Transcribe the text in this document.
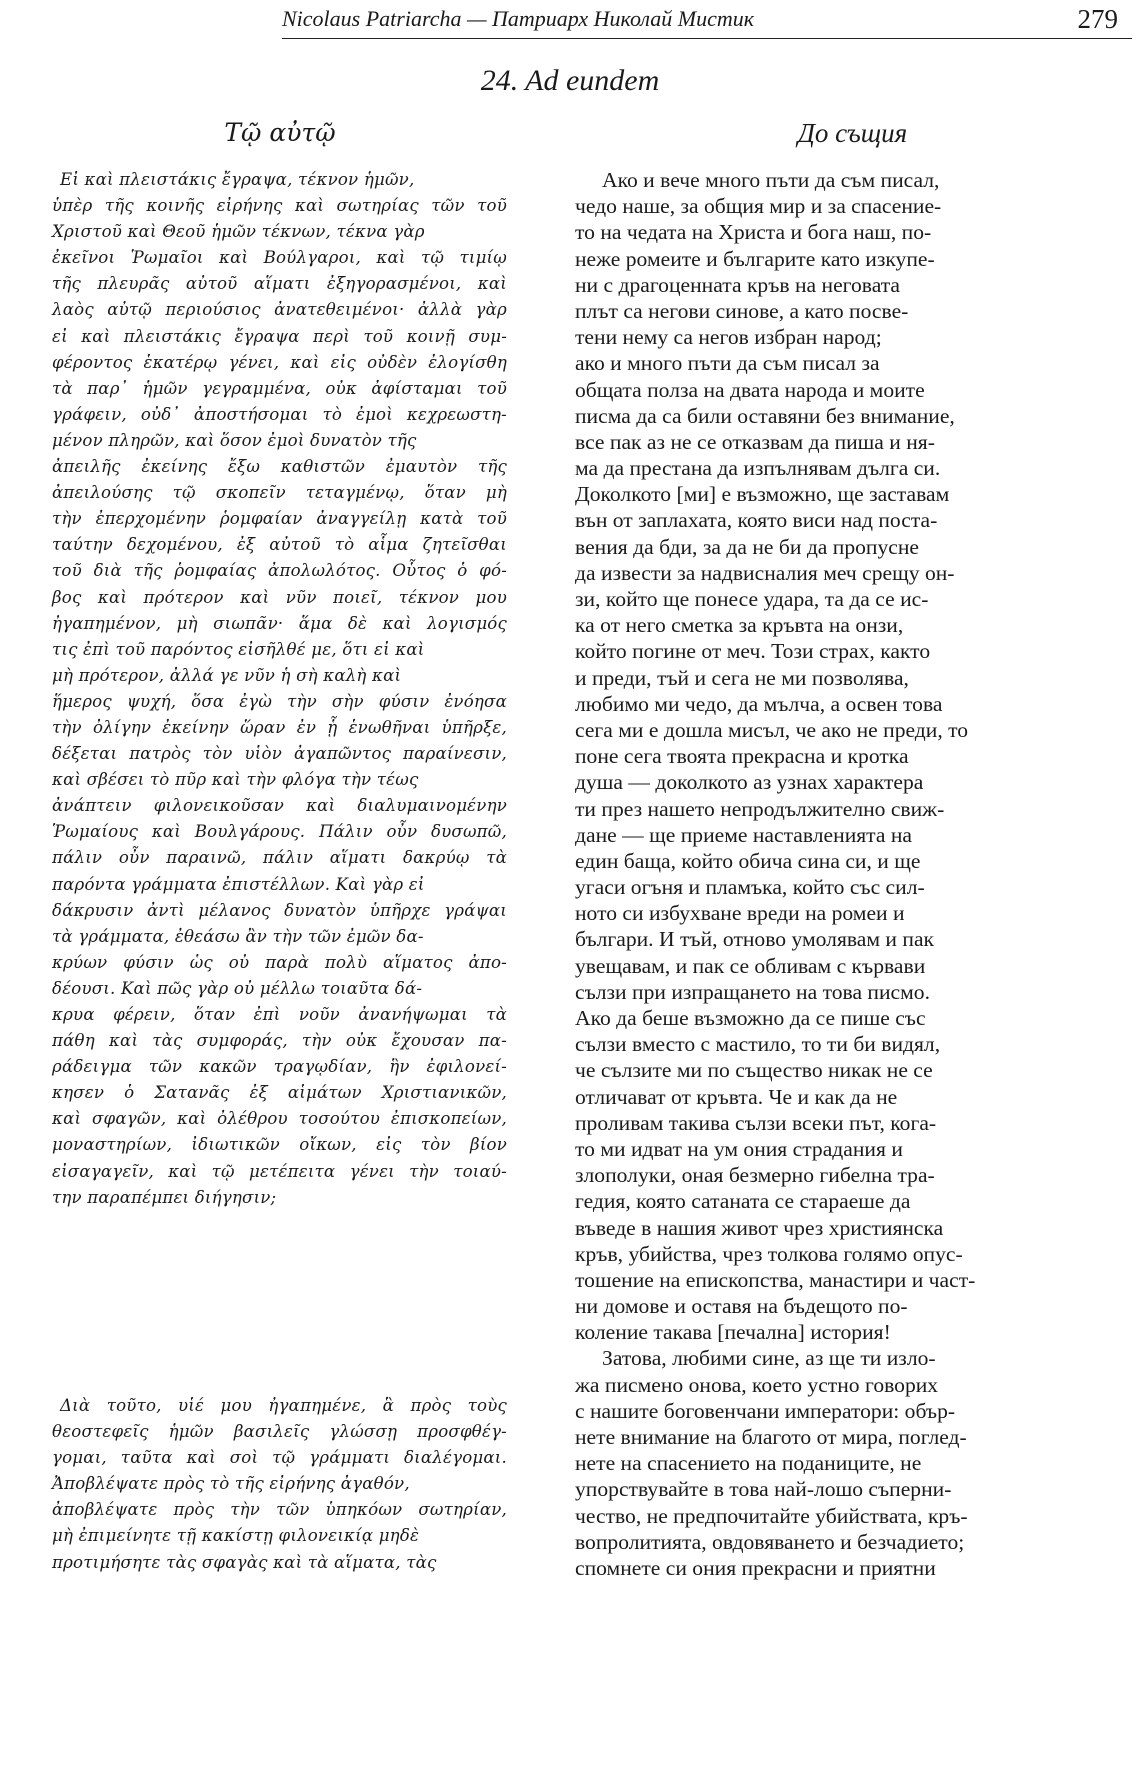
Nicolaus Patriarcha — Патриарх Николай Мистик	279
24. Ad eundem
Τῷ αὐτῷ	До същия
Εἰ καὶ πλειστάκις ἔγραψα, τέκνον ἡμῶν,
ὑπὲρ τῆς κοινῆς εἰρήνης καὶ σωτηρίας τῶν τοῦ
Χριστοῦ καὶ Θεοῦ ἡμῶν τέκνων, τέκνα γὰρ
ἐκεῖνοι Ῥωμαῖοι καὶ Βούλγαροι, καὶ τῷ τιμίῳ
τῆς πλευρᾶς αὐτοῦ αἵματι ἐξηγορασμένοι, καὶ
λαὸς αὐτῷ περιούσιος ἀνατεθειμένοι· ἀλλὰ γὰρ
εἰ καὶ πλειστάκις ἔγραψα περὶ τοῦ κοινῇ συμ-
φέροντος ἑκατέρῳ γένει, καὶ εἰς οὐδὲν ἐλογίσθη
τὰ παρ᾽ ἡμῶν γεγραμμένα, οὐκ ἀφίσταμαι τοῦ
γράφειν, οὐδ᾽ ἀποστήσομαι τὸ ἐμοὶ κεχρεωστη-
μένον πληρῶν, καὶ ὅσον ἐμοὶ δυνατὸν τῆς
ἀπειλῆς ἐκείνης ἔξω καθιστῶν ἐμαυτὸν τῆς
ἀπειλούσης τῷ σκοπεῖν τεταγμένῳ, ὅταν μὴ
τὴν ἐπερχομένην ῥομφαίαν ἀναγγείλῃ κατὰ τοῦ
ταύτην δεχομένου, ἐξ αὐτοῦ τὸ αἷμα ζητεῖσθαι
τοῦ διὰ τῆς ῥομφαίας ἀπολωλότος. Οὗτος ὁ φό-
βος καὶ πρότερον καὶ νῦν ποιεῖ, τέκνον μου
ἠγαπημένον, μὴ σιωπᾶν· ἅμα δὲ καὶ λογισμός
τις ἐπὶ τοῦ παρόντος εἰσῆλθέ με, ὅτι εἰ καὶ
μὴ πρότερον, ἀλλά γε νῦν ἡ σὴ καλὴ καὶ
ἥμερος ψυχή, ὅσα ἐγὼ τὴν σὴν φύσιν ἐνόησα
τὴν ὀλίγην ἐκείνην ὥραν ἐν ᾗ ἑνωθῆναι ὑπῆρξε,
δέξεται πατρὸς τὸν υἱὸν ἀγαπῶντος παραίνεσιν,
καὶ σβέσει τὸ πῦρ καὶ τὴν φλόγα τὴν τέως
ἀνάπτειν φιλονεικοῦσαν καὶ διαλυμαινομένην
Ῥωμαίους καὶ Βουλγάρους. Πάλιν οὖν δυσωπῶ,
πάλιν οὖν παραινῶ, πάλιν αἵματι δακρύῳ τὰ
παρόντα γράμματα ἐπιστέλλων. Καὶ γὰρ εἰ
δάκρυσιν ἀντὶ μέλανος δυνατὸν ὑπῆρχε γράψαι
τὰ γράμματα, ἐθεάσω ἂν τὴν τῶν ἐμῶν δα-
κρύων φύσιν ὡς οὐ παρὰ πολὺ αἵματος ἀπο-
δέουσι. Καὶ πῶς γὰρ οὐ μέλλω τοιαῦτα δά-
κρυα φέρειν, ὅταν ἐπὶ νοῦν ἀνανήψωμαι τὰ
πάθη καὶ τὰς συμφοράς, τὴν οὐκ ἔχουσαν πα-
ράδειγμα τῶν κακῶν τραγῳδίαν, ἣν ἐφιλονεί-
κησεν ὁ Σατανᾶς ἐξ αἱμάτων Χριστιανικῶν,
καὶ σφαγῶν, καὶ ὀλέθρου τοσούτου ἐπισκοπείων,
μοναστηρίων, ἰδιωτικῶν οἴκων, εἰς τὸν βίον
εἰσαγαγεῖν, καὶ τῷ μετέπειτα γένει τὴν τοιαύ-
την παραπέμπει διήγησιν;
Διὰ τοῦτο, υἱέ μου ἠγαπημένε, ἃ πρὸς τοὺς
θεοστεφεῖς ἡμῶν βασιλεῖς γλώσσῃ προσφθέγ-
γομαι, ταῦτα καὶ σοὶ τῷ γράμματι διαλέγομαι.
Ἀποβλέψατε πρὸς τὸ τῆς εἰρήνης ἀγαθόν,
ἀποβλέψατε πρὸς τὴν τῶν ὑπηκόων σωτηρίαν,
μὴ ἐπιμείνητε τῇ κακίστῃ φιλονεικίᾳ μηδὲ
προτιμήσητε τὰς σφαγὰς καὶ τὰ αἵματα, τὰς
Ако и вече много пъти да съм писал,
чедо наше, за общия мир и за спасение-
то на чедата на Христа и бога наш, по-
неже ромеите и българите като изкупе-
ни с драгоценната кръв на неговата
плът са негови синове, а като посве-
тени нему са негов избран народ;
ако и много пъти да съм писал за
общата полза на двата народа и моите
писма да са били оставяни без внимание,
все пак аз не се отказвам да пиша и ня-
ма да престана да изпълнявам дълга си.
Доколкото [ми] е възможно, ще заставам
вън от заплахата, която виси над поста-
вения да бди, за да не би да пропусне
да извести за надвисналия меч срещу он-
зи, който ще понесе удара, та да се ис-
ка от него сметка за кръвта на онзи,
който погине от меч. Този страх, както
и преди, тъй и сега не ми позволява,
любимо ми чедо, да мълча, а освен това
сега ми е дошла мисъл, че ако не преди, то
поне сега твоята прекрасна и кротка
душа — доколкото аз узнах характера
ти през нашето непродължително свиж-
дане — ще приеме наставленията на
един баща, който обича сина си, и ще
угаси огъня и пламъка, който със сил-
ното си избухване вреди на ромеи и
българи. И тъй, отново умолявам и пак
увещавам, и пак се обливам с кървави
сълзи при изпращането на това писмо.
Ако да беше възможно да се пише със
сълзи вместо с мастило, то ти би видял,
че сълзите ми по същество никак не се
отличават от кръвта. Че и как да не
проливам такива сълзи всеки път, кога-
то ми идват на ум ония страдания и
злополуки, оная безмерно гибелна тра-
гедия, която сатаната се стараеше да
въведе в нашия живот чрез християнска
кръв, убийства, чрез толкова голямо опус-
тошение на епископства, манастири и част-
ни домове и оставя на бъдещото по-
коление такава [печална] история!
Затова, любими сине, аз ще ти изло-
жа писмено онова, което устно говорих
с нашите боговенчани императори: обър-
нете внимание на благото от мира, поглед-
нете на спасението на поданиците, не
упорствувайте в това най-лошо съперни-
чество, не предпочитайте убийствата, кръ-
вопролитията, овдовяването и безчадието;
спомнете си ония прекрасни и приятни
